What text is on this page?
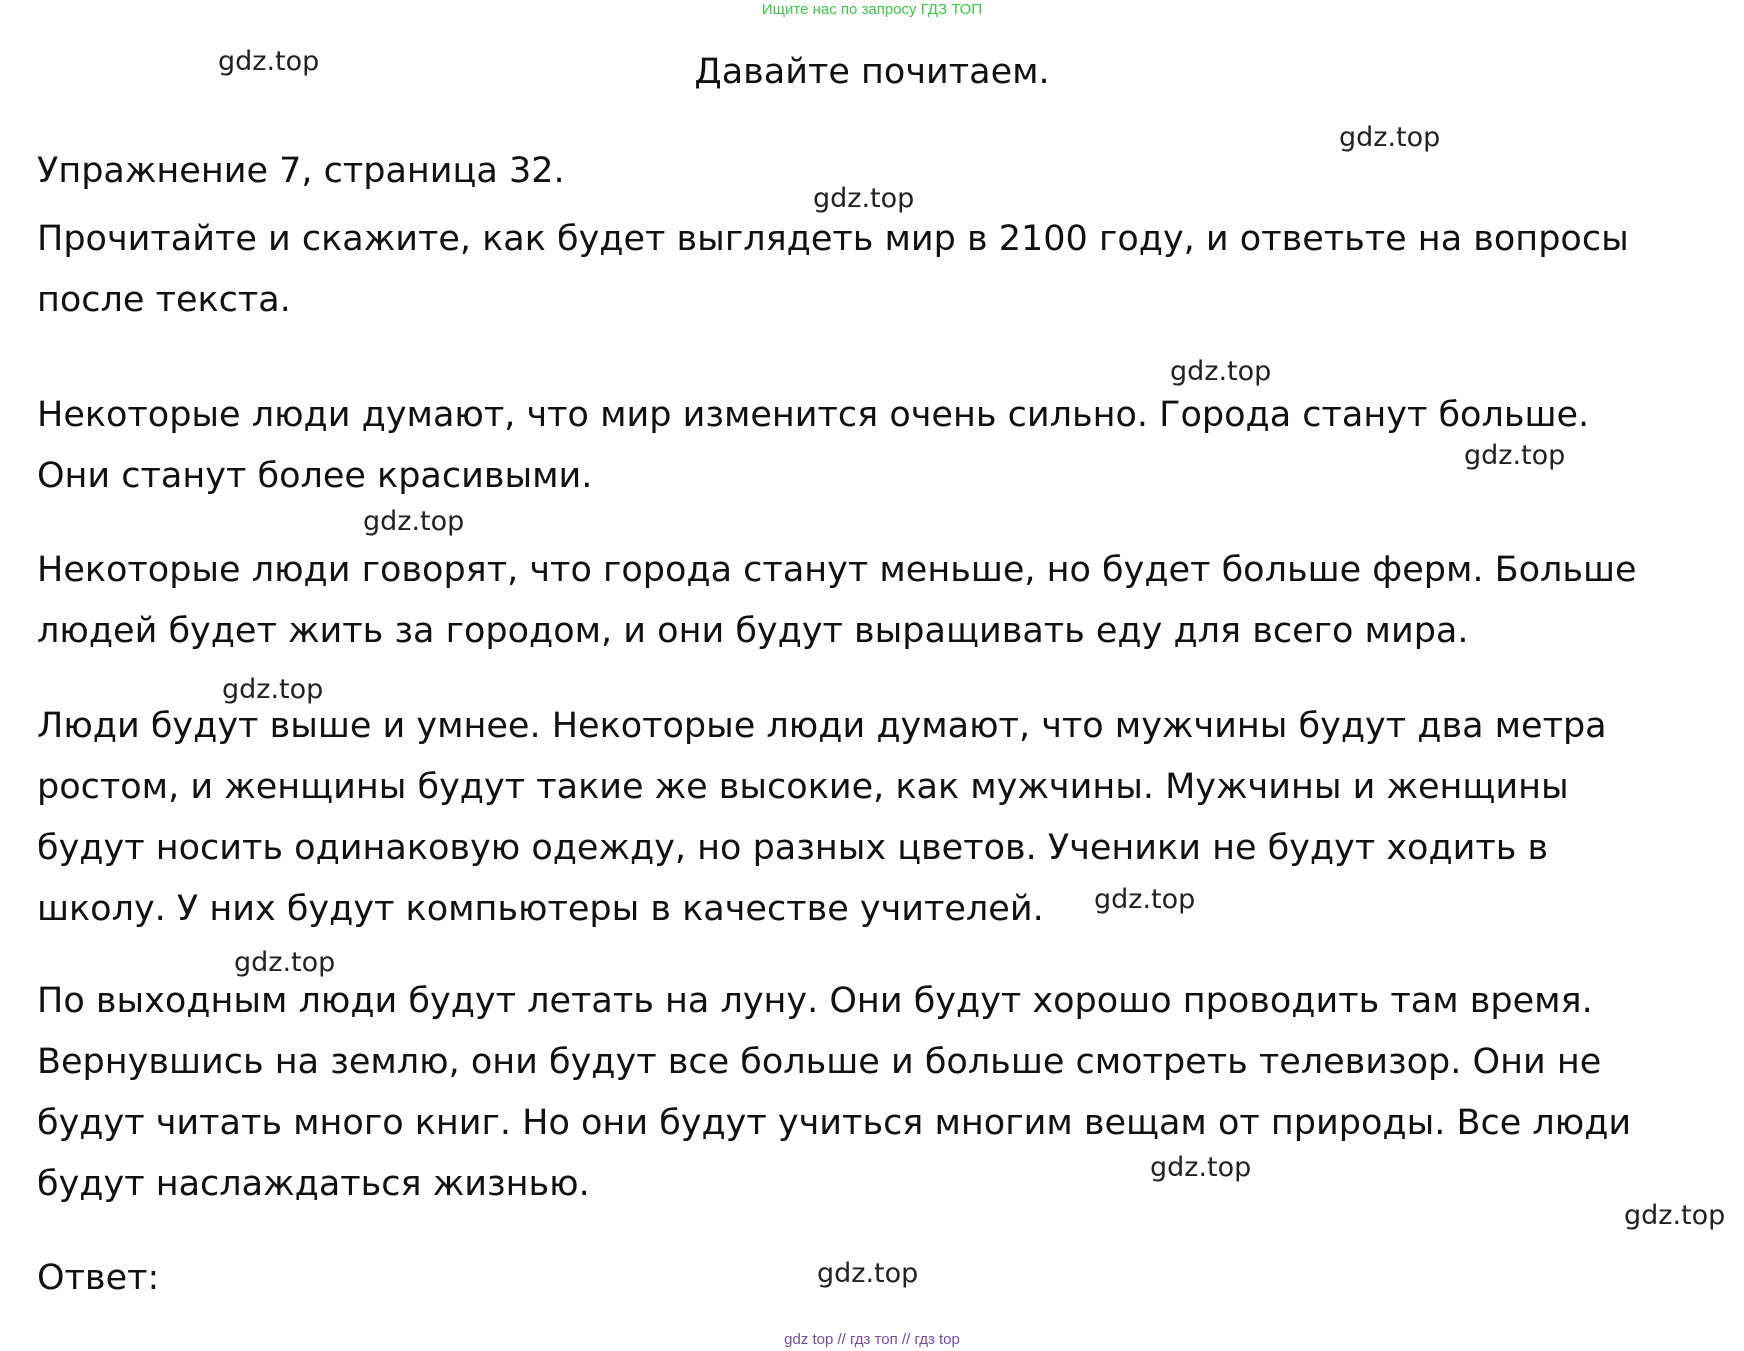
Ищите нас по запросу ГДЗ ТОП
Давайте почитаем.
Упражнение 7, страница 32.
Прочитайте и скажите, как будет выглядеть мир в 2100 году, и ответьте на вопросы
после текста.
Некоторые люди думают, что мир изменится очень сильно. Города станут больше.
Они станут более красивыми.
Некоторые люди говорят, что города станут меньше, но будет больше ферм. Больше
людей будет жить за городом, и они будут выращивать еду для всего мира.
Люди будут выше и умнее. Некоторые люди думают, что мужчины будут два метра
ростом, и женщины будут такие же высокие, как мужчины. Мужчины и женщины
будут носить одинаковую одежду, но разных цветов. Ученики не будут ходить в
школу. У них будут компьютеры в качестве учителей.
По выходным люди будут летать на луну. Они будут хорошо проводить там время.
Вернувшись на землю, они будут все больше и больше смотреть телевизор. Они не
будут читать много книг. Но они будут учиться многим вещам от природы. Все люди
будут наслаждаться жизнью.
Ответ:
gdz.top
gdz.top
gdz.top
gdz.top
gdz.top
gdz.top
gdz.top
gdz.top
gdz.top
gdz.top
gdz.top
gdz.top
gdz top // гдз топ // гдз top
